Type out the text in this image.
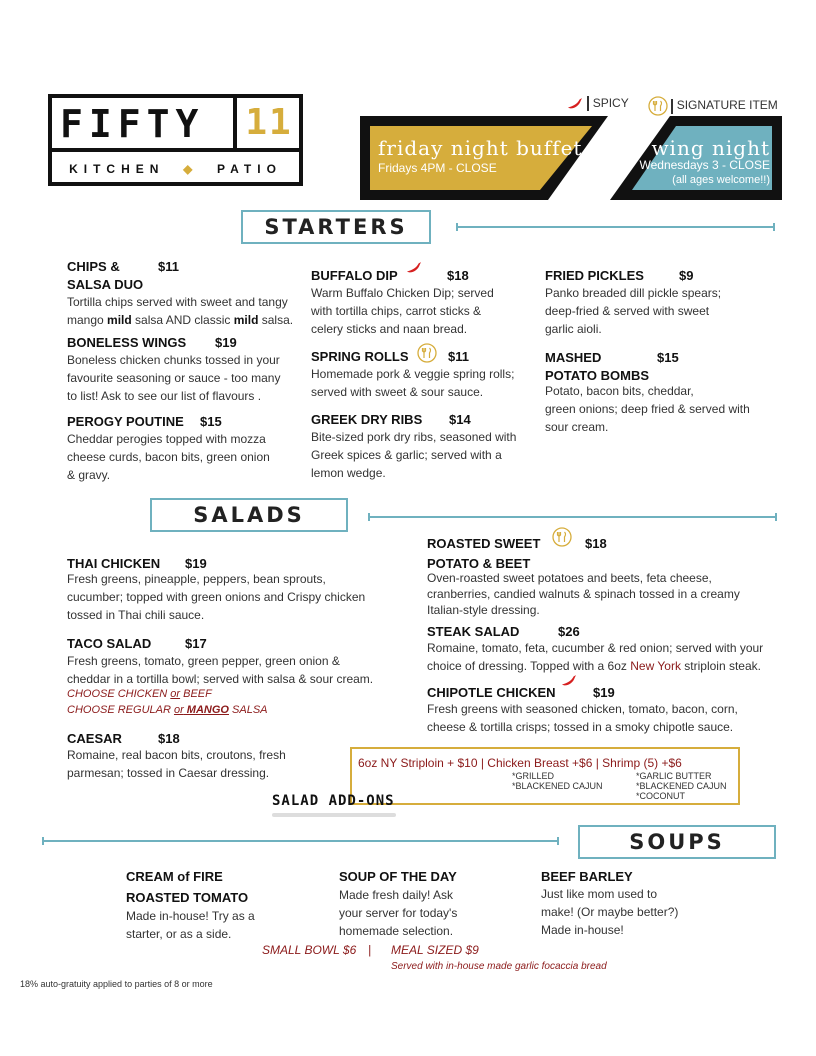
FIFTY 11
KITCHEN  ◆  PATIO
SPICY	SIGNATURE ITEM
friday night buffet
Fridays 4PM - CLOSE
wing night
Wednesdays 3 - CLOSE
(all ages welcome!!)
STARTERS
CHIPS &	$11
SALSA DUO
Tortilla chips served with sweet and tangy
mango mild salsa AND classic mild salsa.
BONELESS WINGS $19
Boneless chicken chunks tossed in your
favourite seasoning or sauce - too many
to list! Ask to see our list of flavours .
PEROGY POUTINE $15
Cheddar perogies topped with mozza
cheese curds, bacon bits, green onion
& gravy.
BUFFALO DIP	$18
Warm Buffalo Chicken Dip; served
with tortilla chips, carrot sticks &
celery sticks and naan bread.
SPRING ROLLS	$11
Homemade pork & veggie spring rolls;
served with sweet & sour sauce.
GREEK DRY RIBS $14
Bite-sized pork dry ribs, seasoned with
Greek spices & garlic; served with a
lemon wedge.
FRIED PICKLES	$9
Panko breaded dill pickle spears;
deep-fried & served with sweet
garlic aioli.
MASHED	$15
POTATO BOMBS
Potato, bacon bits, cheddar,
green onions; deep fried & served with
sour cream.
SALADS
THAI CHICKEN $19
Fresh greens, pineapple, peppers, bean sprouts,
cucumber; topped with green onions and Crispy chicken
tossed in Thai chili sauce.
TACO SALAD	$17
Fresh greens, tomato, green pepper, green onion &
cheddar in a tortilla bowl; served with salsa & sour cream.
CHOOSE CHICKEN or BEEF
CHOOSE REGULAR or MANGO SALSA
CAESAR	$18
Romaine, real bacon bits, croutons, fresh
parmesan; tossed in Caesar dressing.
ROASTED SWEET	$18
POTATO & BEET
Oven-roasted sweet potatoes and beets, feta cheese,
cranberries, candied walnuts & spinach tossed in a creamy
Italian-style dressing.
STEAK SALAD	$26
Romaine, tomato, feta, cucumber & red onion; served with your
choice of dressing. Topped with a 6oz New York striploin steak.
CHIPOTLE CHICKEN	$19
Fresh greens with seasoned chicken, tomato, bacon, corn,
cheese & tortilla crisps; tossed in a smoky chipotle sauce.
6oz NY Striploin + $10 | Chicken Breast +$6 | Shrimp (5) +$6
*GRILLED
*BLACKENED CAJUN
*GARLIC BUTTER
*BLACKENED CAJUN
*COCONUT
SALAD ADD-ONS
SOUPS
CREAM of FIRE
ROASTED TOMATO
Made in-house! Try as a
starter, or as a side.
SOUP OF THE DAY
Made fresh daily! Ask
your server for today's
homemade selection.
BEEF BARLEY
Just like mom used to
make! (Or maybe better?)
Made in-house!
SMALL BOWL $6 | MEAL SIZED $9
Served with in-house made garlic focaccia bread
18% auto-gratuity applied to parties of 8 or more
